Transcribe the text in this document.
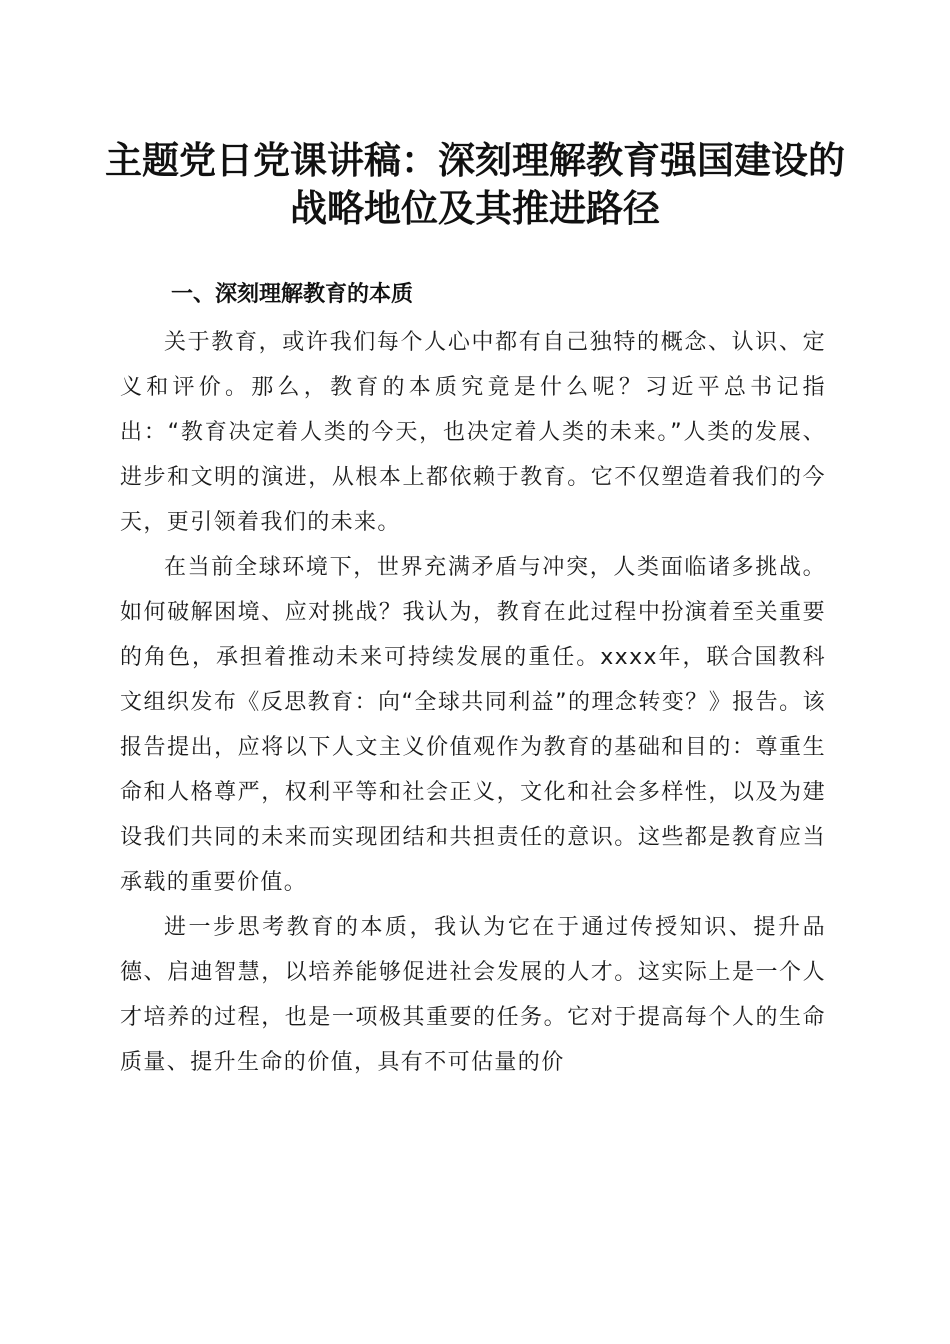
主题党日党课讲稿：深刻理解教育强国建设的
战略地位及其推进路径
一、深刻理解教育的本质

关于教育，或许我们每个人心中都有自己独特的概念、认识、定义和评价。那么，教育的本质究竟是什么呢？习近平总书记指出：“教育决定着人类的今天，也决定着人类的未来。”人类的发展、进步和文明的演进，从根本上都依赖于教育。它不仅塑造着我们的今天，更引领着我们的未来。

在当前全球环境下，世界充满矛盾与冲突，人类面临诸多挑战。如何破解困境、应对挑战？我认为，教育在此过程中扮演着至关重要的角色，承担着推动未来可持续发展的重任。xxxx年，联合国教科文组织发布《反思教育：向“全球共同利益”的理念转变？》报告。该报告提出，应将以下人文主义价值观作为教育的基础和目的：尊重生命和人格尊严，权利平等和社会正义，文化和社会多样性，以及为建设我们共同的未来而实现团结和共担责任的意识。这些都是教育应当承载的重要价值。

进一步思考教育的本质，我认为它在于通过传授知识、提升品德、启迪智慧，以培养能够促进社会发展的人才。这实际上是一个人才培养的过程，也是一项极其重要的任务。它对于提高每个人的生命质量、提升生命的价值，具有不可估量的价
